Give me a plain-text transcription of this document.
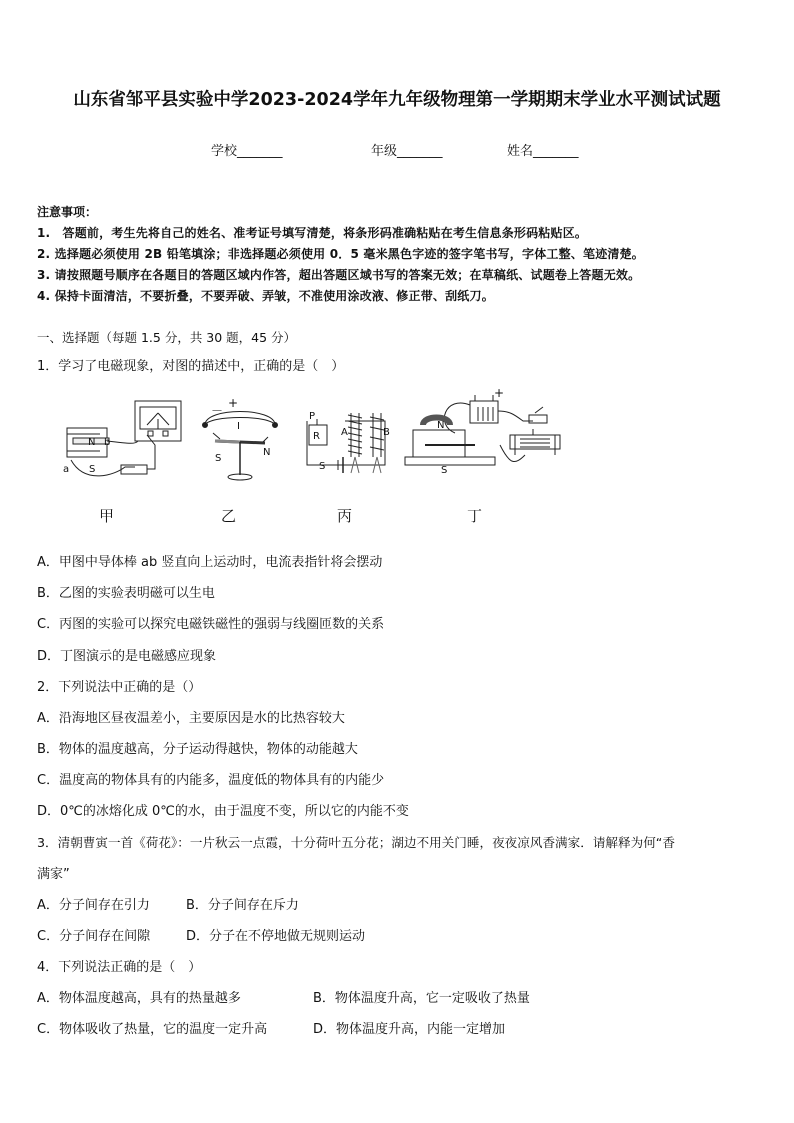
山东省邹平县实验中学2023-2024学年九年级物理第一学期期末学业水平测试试题
学校_______	年级_______	姓名_______
注意事项：
1.　答题前，考生先将自己的姓名、准考证号填写清楚，将条形码准确粘贴在考生信息条形码粘贴区。
2. 选择题必须使用 2B 铅笔填涂；非选择题必须使用 0．5 毫米黑色字迹的签字笔书写，字体工整、笔迹清楚。
3. 请按照题号顺序在各题目的答题区域内作答，超出答题区域书写的答案无效；在草稿纸、试题卷上答题无效。
4. 保持卡面清洁，不要折叠，不要弄破、弄皱，不准使用涂改液、修正带、刮纸刀。
一、选择题（每题 1.5 分，共 30 题，45 分）
1．学习了电磁现象，对图的描述中，正确的是（　）
N b
a S
－
+
I
S
N
P
R A	B
S
+
N
S
甲	乙	丙	丁
A．甲图中导体棒 ab 竖直向上运动时，电流表指针将会摆动
B．乙图的实验表明磁可以生电
C．丙图的实验可以探究电磁铁磁性的强弱与线圈匝数的关系
D．丁图演示的是电磁感应现象
2．下列说法中正确的是（）
A．沿海地区昼夜温差小，主要原因是水的比热容较大
B．物体的温度越高，分子运动得越快，物体的动能越大
C．温度高的物体具有的内能多，温度低的物体具有的内能少
D．0℃的冰熔化成 0℃的水，由于温度不变，所以它的内能不变
3．清朝曹寅一首《荷花》：一片秋云一点霞，十分荷叶五分花；湖边不用关门睡，夜夜凉风香满家．请解释为何“香
满家”
A．分子间存在引力	B．分子间存在斥力
C．分子间存在间隙	D．分子在不停地做无规则运动
4．下列说法正确的是（　）
A．物体温度越高，具有的热量越多	B．物体温度升高，它一定吸收了热量
C．物体吸收了热量，它的温度一定升高	D．物体温度升高，内能一定增加
